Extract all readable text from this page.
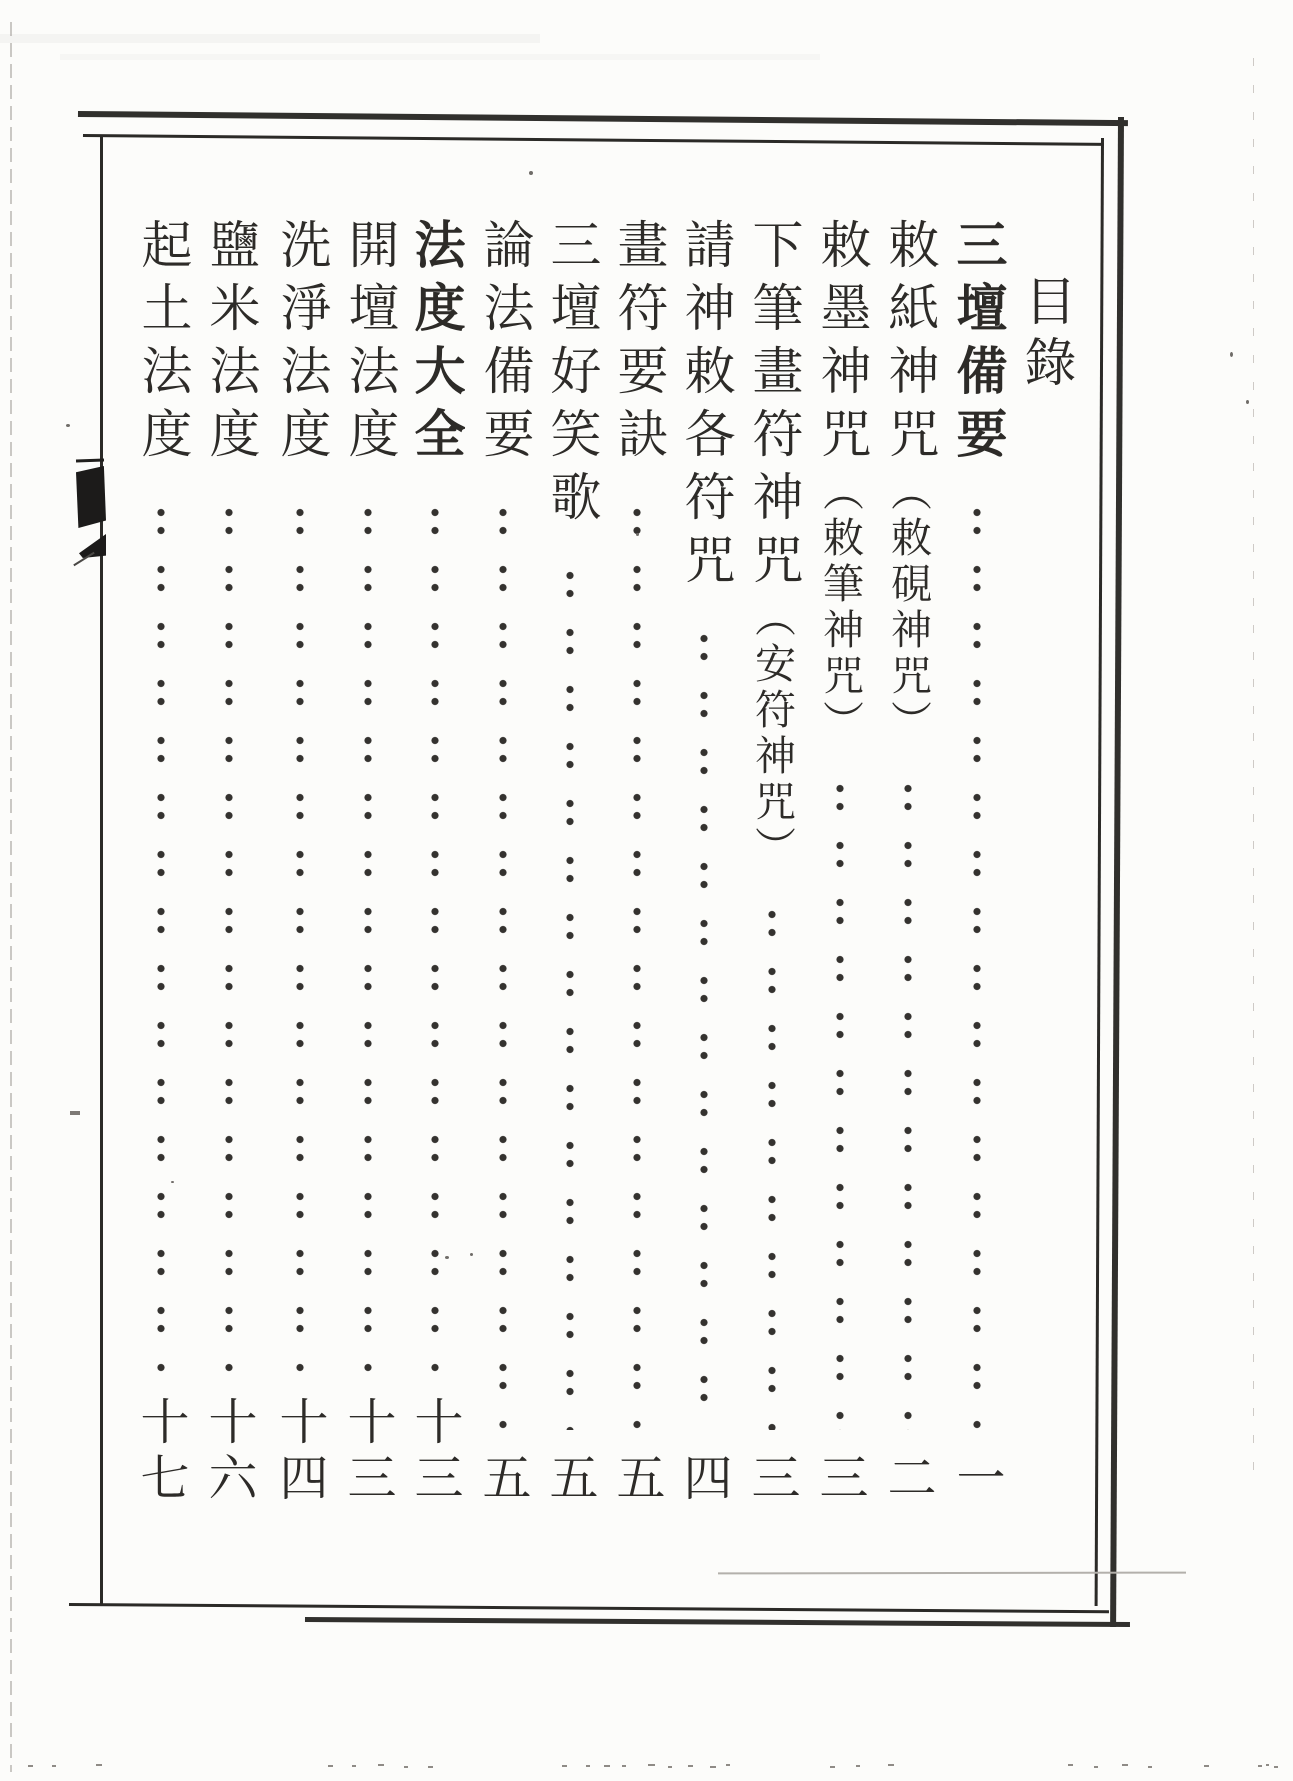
目錄
三壇備要
一
敕紙神咒（敕硯神咒）
二
敕墨神咒（敕筆神咒）
三
下筆畫符神咒（安符神咒）
三
請神敕各符咒
四
畫符要訣
五
三壇好笑歌
五
論法備要
五
法度大全
十三
開壇法度
十三
洗淨法度
十四
鹽米法度
十六
起土法度
十七
